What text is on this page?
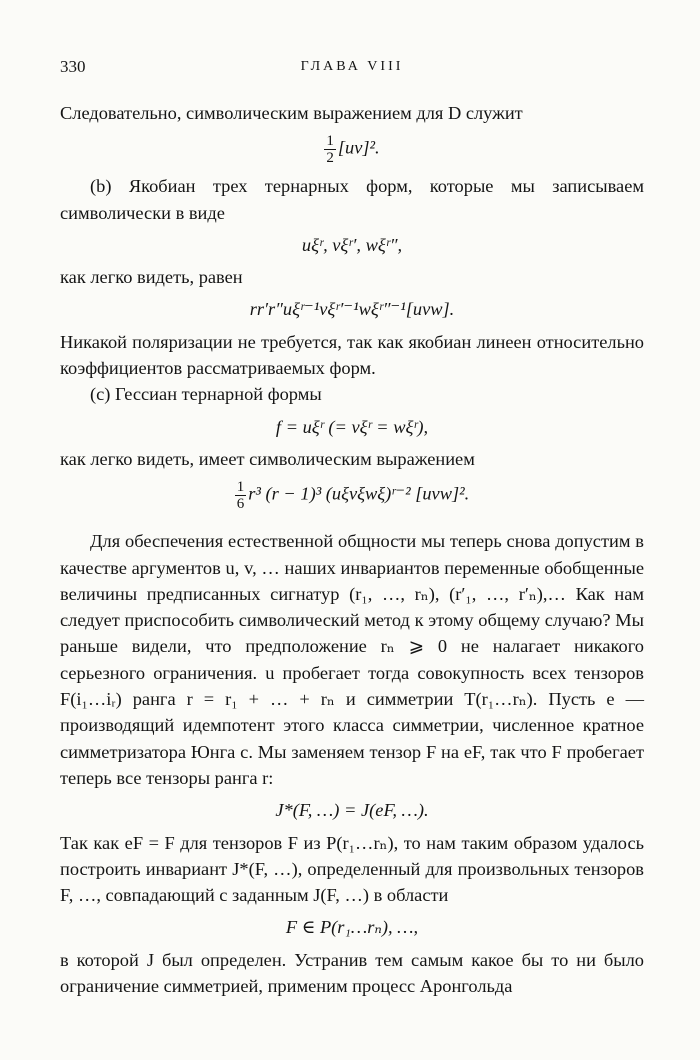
330	ГЛАВА VIII

Следовательно, символическим выражением для D служит

$\frac{1}{2} [uv]^2$.

(b) Якобиан трех тернарных форм, которые мы записываем символически в виде

uξʳ, vξʳ′, wξʳ″,

как легко видеть, равен

rr′r″uξʳ⁻¹vξʳ′⁻¹wξʳ″⁻¹[uvw].

Никакой поляризации не требуется, так как якобиан линеен относительно коэффициентов рассматриваемых форм.

(c) Гессиан тернарной формы

f = uξʳ (= vξʳ = wξʳ),

как легко видеть, имеет символическим выражением

$\frac{1}{6} r^3$ (r − 1)³ (uξvξwξ)ʳ⁻² [uvw]².

Для обеспечения естественной общности мы теперь снова допустим в качестве аргументов u, v, … наших инвариантов переменные обобщенные величины предписанных сигнатур (r₁, …, rₙ), (r′₁, …, r′ₙ),… Как нам следует приспособить символический метод к этому общему случаю? Мы раньше видели, что предположение rₙ ⩾ 0 не налагает никакого серьезного ограничения. u пробегает тогда совокупность всех тензоров F(i₁…iᵣ) ранга r = r₁ + … + rₙ и симметрии T(r₁…rₙ). Пусть e — производящий идемпотент этого класса симметрии, численное кратное симметризатора Юнга c. Мы заменяем тензор F на eF, так что F пробегает теперь все тензоры ранга r:

J*(F, …) = J(eF, …).

Так как eF = F для тензоров F из P(r₁…rₙ), то нам таким образом удалось построить инвариант J*(F, …), определенный для произвольных тензоров F, …, совпадающий с заданным J(F, …) в области

F ∈ P(r₁…rₙ), …,

в которой J был определен. Устранив тем самым какое бы то ни было ограничение симметрией, применим процесс Аронгольда
